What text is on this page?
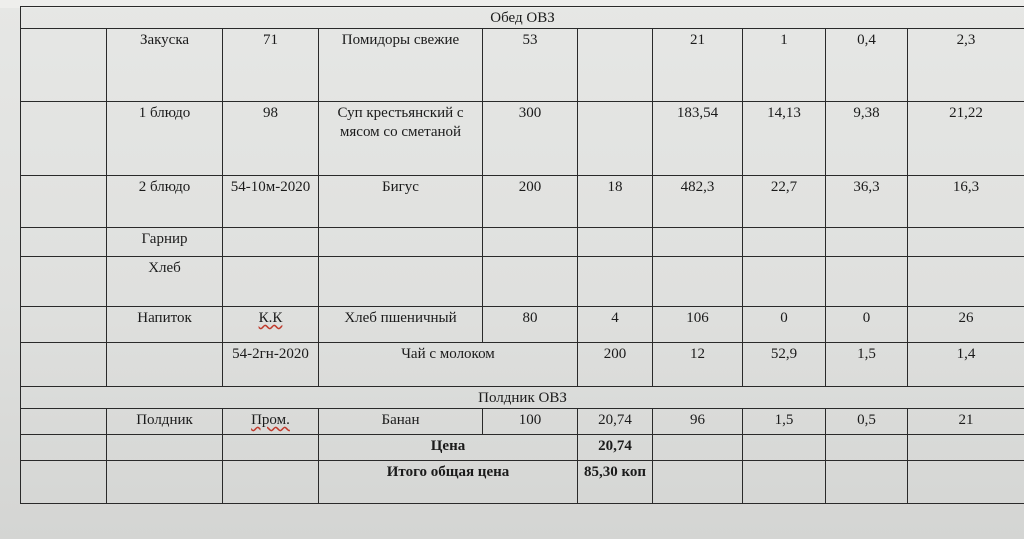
Обед ОВЗ									
	Закуска	71	Помидоры свежие	53		21	1	0,4	2,3
	1 блюдо	98	Суп крестьянский с мясом со сметаной	300		183,54	14,13	9,38	21,22
	2 блюдо	54-10м-2020	Бигус	200	18	482,3	22,7	36,3	16,3
	Гарнир								
	Хлеб								
	Напиток	К.К	Хлеб пшеничный	80	4	106	0	0	26
		54-2гн-2020	Чай с молоком		200	12	52,9	1,5	1,4
Полдник ОВЗ									
	Полдник	Пром.	Банан	100	20,74	96	1,5	0,5	21
			Цена		20,74				
			Итого общая цена		85,30 коп				
